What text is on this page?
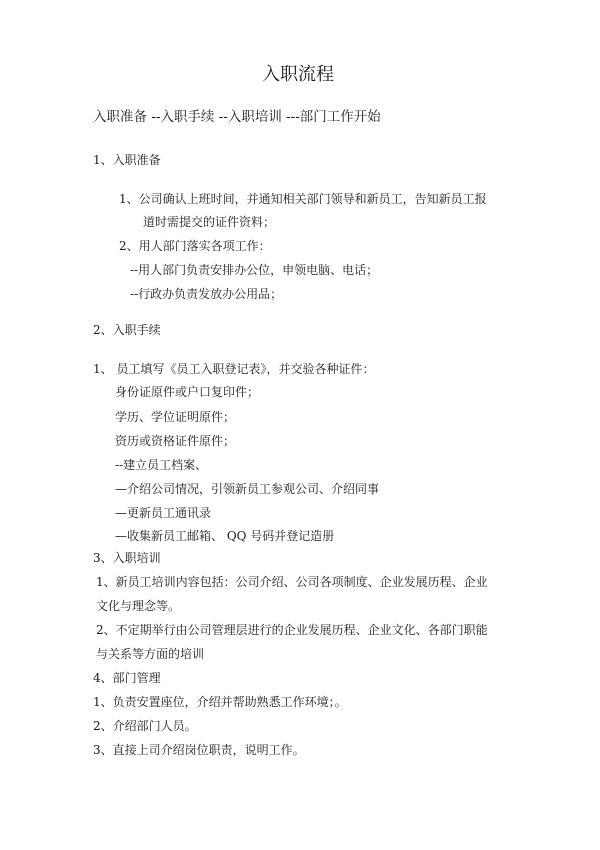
入职流程
入职准备 --入职手续 --入职培训 ---部门工作开始
1、入职准备
1、公司确认上班时间，并通知相关部门领导和新员工，告知新员工报
道时需提交的证件资料；
2、用人部门落实各项工作：
--用人部门负责安排办公位，申领电脑、电话；
--行政办负责发放办公用品；
2、入职手续
1、 员工填写《员工入职登记表》，并交验各种证件：
身份证原件或户口复印件；
学历、学位证明原件；
资历或资格证件原件；
--建立员工档案、
—介绍公司情况，引领新员工参观公司、介绍同事
—更新员工通讯录
—收集新员工邮箱、 QQ 号码并登记造册
3、入职培训
1、新员工培训内容包括：公司介绍、公司各项制度、企业发展历程、企业
文化与理念等。
2、不定期举行由公司管理层进行的企业发展历程、企业文化、各部门职能
与关系等方面的培训
4、部门管理
1、负责安置座位，介绍并帮助熟悉工作环境；。
2、介绍部门人员。
3、直接上司介绍岗位职责，说明工作。
